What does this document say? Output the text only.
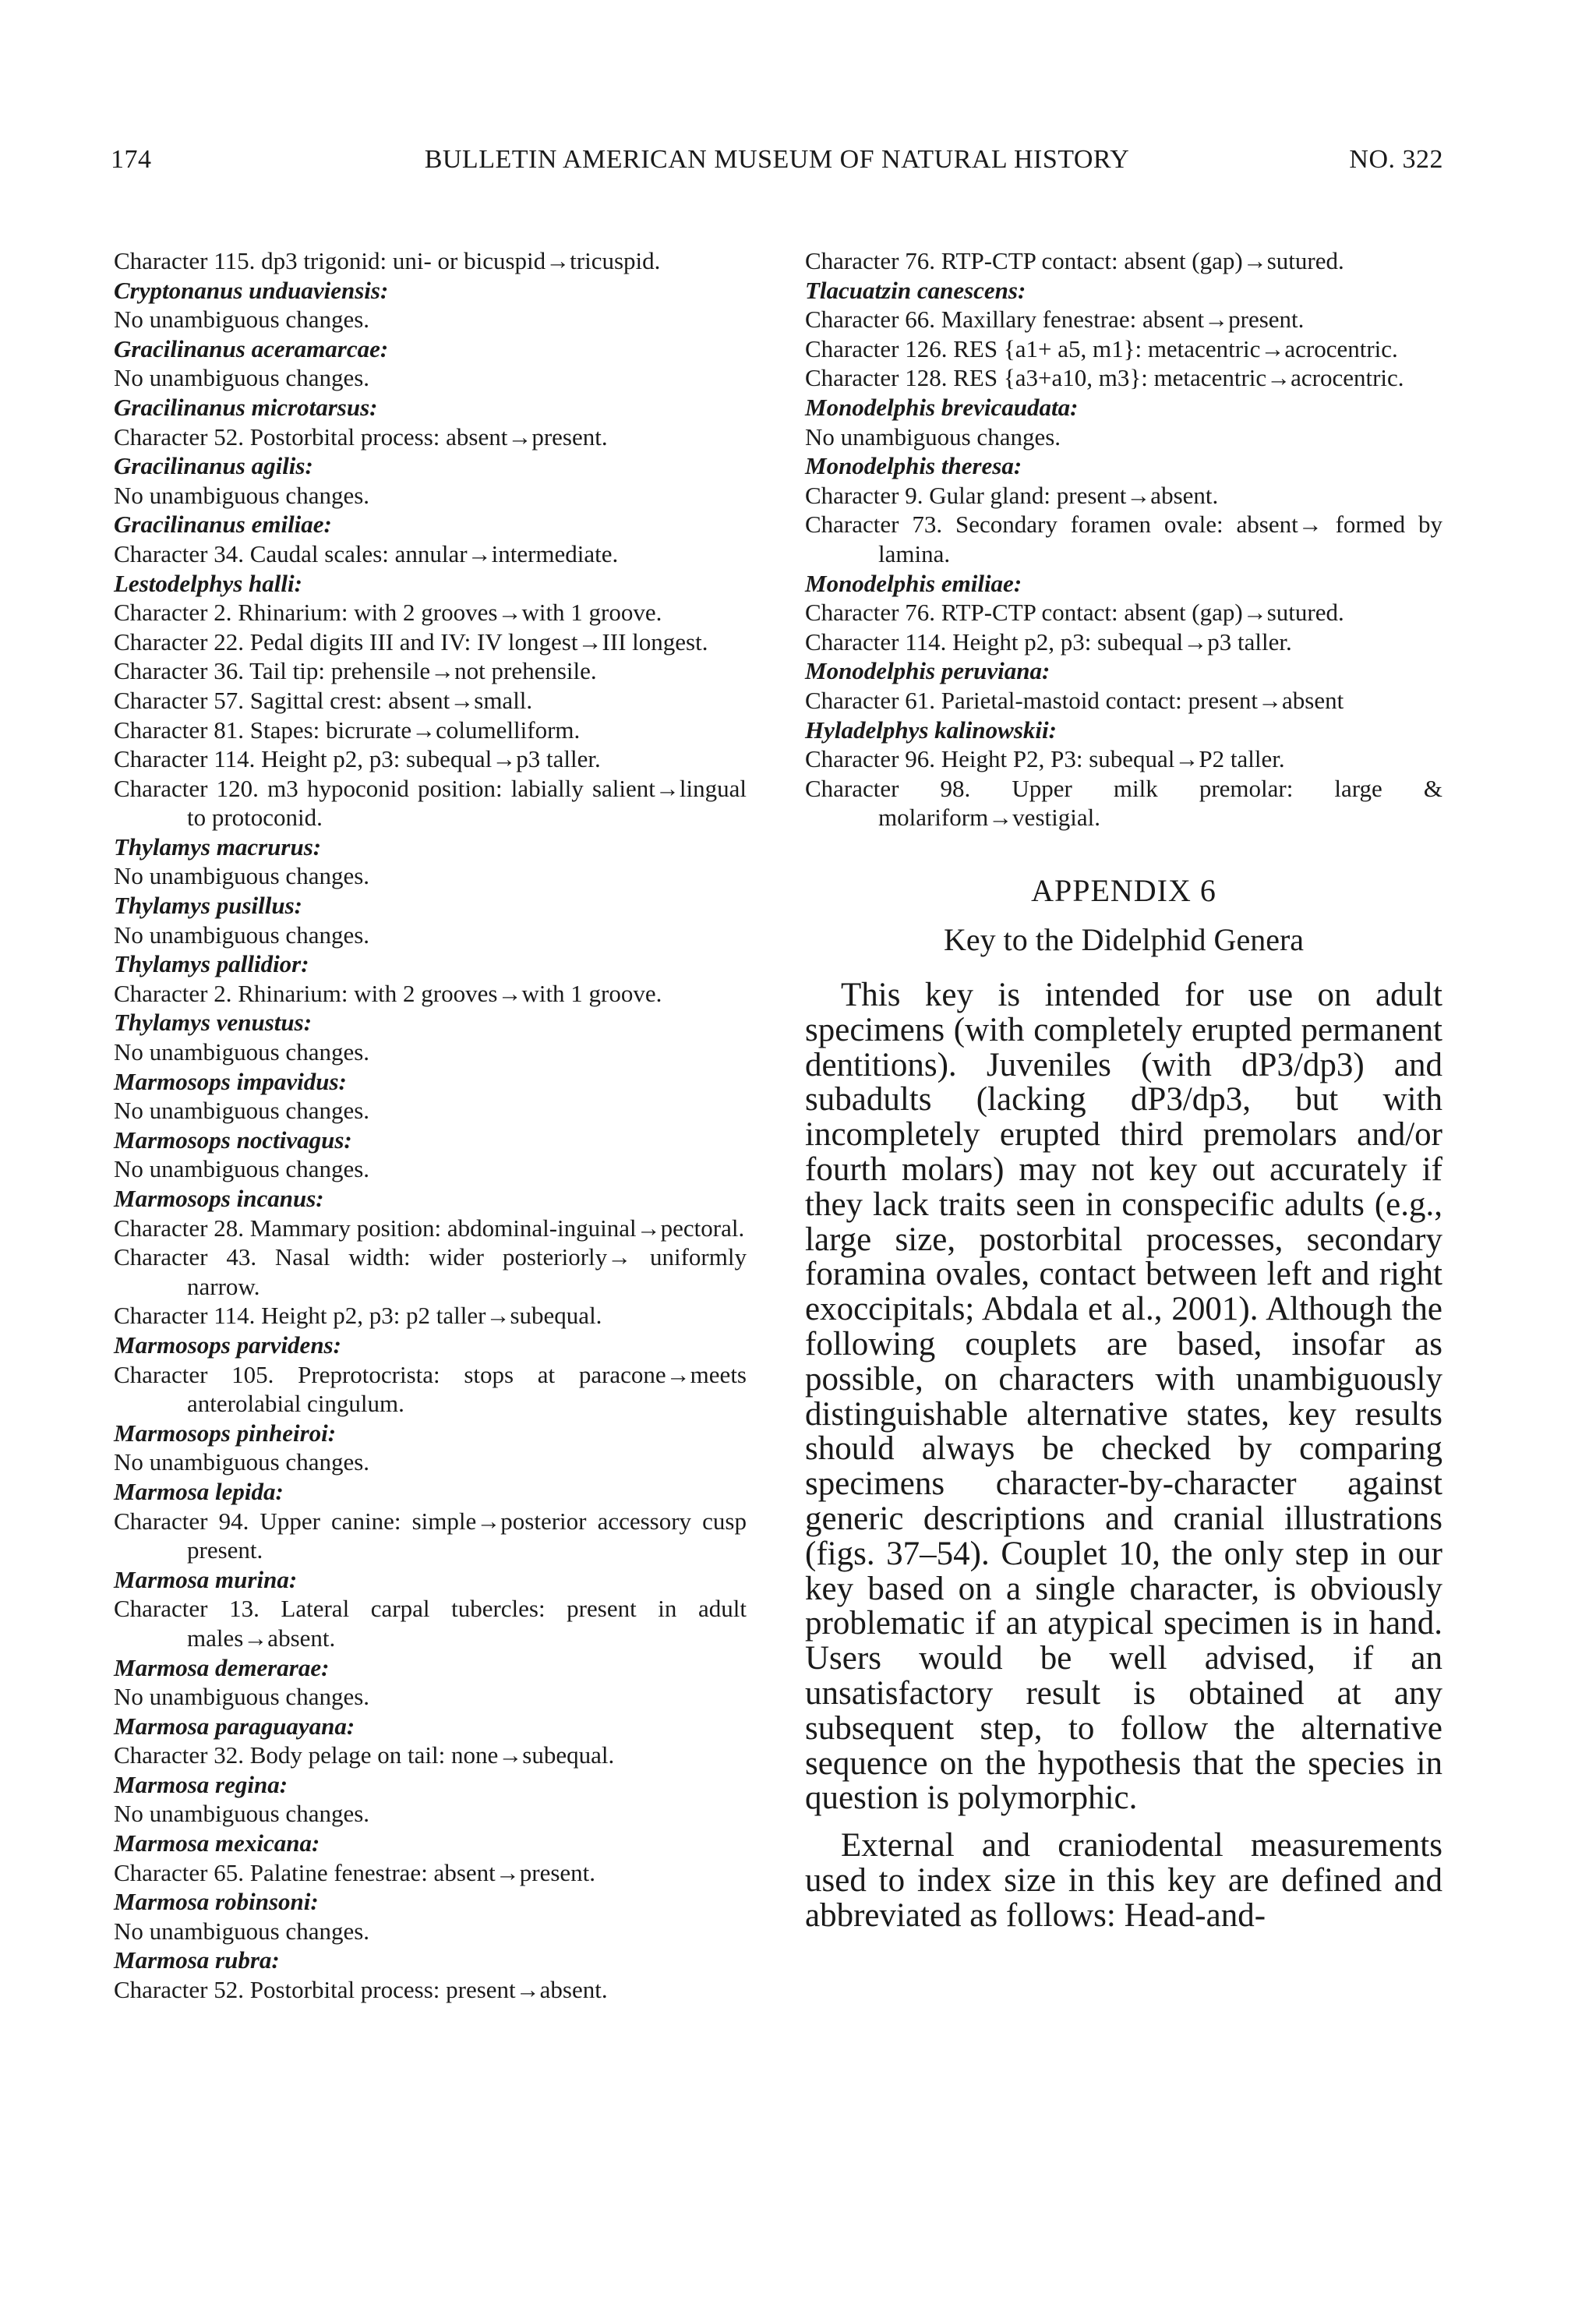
174	BULLETIN AMERICAN MUSEUM OF NATURAL HISTORY	NO. 322
Character 115. dp3 trigonid: uni- or bicuspid→tricuspid.
Cryptonanus unduaviensis:
No unambiguous changes.
Gracilinanus aceramarcae:
No unambiguous changes.
Gracilinanus microtarsus:
Character 52. Postorbital process: absent→present.
Gracilinanus agilis:
No unambiguous changes.
Gracilinanus emiliae:
Character 34. Caudal scales: annular→intermediate.
Lestodelphys halli:
Character 2. Rhinarium: with 2 grooves→with 1 groove.
Character 22. Pedal digits III and IV: IV longest→III longest.
Character 36. Tail tip: prehensile→not prehensile.
Character 57. Sagittal crest: absent→small.
Character 81. Stapes: bicrurate→columelliform.
Character 114. Height p2, p3: subequal→p3 taller.
Character 120. m3 hypoconid position: labially salient→lingual to protoconid.
Thylamys macrurus:
No unambiguous changes.
Thylamys pusillus:
No unambiguous changes.
Thylamys pallidior:
Character 2. Rhinarium: with 2 grooves→with 1 groove.
Thylamys venustus:
No unambiguous changes.
Marmosops impavidus:
No unambiguous changes.
Marmosops noctivagus:
No unambiguous changes.
Marmosops incanus:
Character 28. Mammary position: abdominal-inguinal→pectoral.
Character 43. Nasal width: wider posteriorly→ uniformly narrow.
Character 114. Height p2, p3: p2 taller→subequal.
Marmosops parvidens:
Character 105. Preprotocrista: stops at paracone→meets anterolabial cingulum.
Marmosops pinheiroi:
No unambiguous changes.
Marmosa lepida:
Character 94. Upper canine: simple→posterior accessory cusp present.
Marmosa murina:
Character 13. Lateral carpal tubercles: present in adult males→absent.
Marmosa demerarae:
No unambiguous changes.
Marmosa paraguayana:
Character 32. Body pelage on tail: none→subequal.
Marmosa regina:
No unambiguous changes.
Marmosa mexicana:
Character 65. Palatine fenestrae: absent→present.
Marmosa robinsoni:
No unambiguous changes.
Marmosa rubra:
Character 52. Postorbital process: present→absent.
Character 76. RTP-CTP contact: absent (gap)→sutured.
Tlacuatzin canescens:
Character 66. Maxillary fenestrae: absent→present.
Character 126. RES {a1+ a5, m1}: metacentric→acrocentric.
Character 128. RES {a3+a10, m3}: metacentric→acrocentric.
Monodelphis brevicaudata:
No unambiguous changes.
Monodelphis theresa:
Character 9. Gular gland: present→absent.
Character 73. Secondary foramen ovale: absent→ formed by lamina.
Monodelphis emiliae:
Character 76. RTP-CTP contact: absent (gap)→sutured.
Character 114. Height p2, p3: subequal→p3 taller.
Monodelphis peruviana:
Character 61. Parietal-mastoid contact: present→absent
Hyladelphys kalinowskii:
Character 96. Height P2, P3: subequal→P2 taller.
Character 98. Upper milk premolar: large & molariform→vestigial.
APPENDIX 6
Key to the Didelphid Genera

This key is intended for use on adult specimens (with completely erupted permanent dentitions). Juveniles (with dP3/dp3) and subadults (lacking dP3/dp3, but with incompletely erupted third premolars and/or fourth molars) may not key out accurately if they lack traits seen in conspecific adults (e.g., large size, postorbital processes, secondary foramina ovales, contact between left and right exoccipitals; Abdala et al., 2001). Although the following couplets are based, insofar as possible, on characters with unambiguously distinguishable alternative states, key results should always be checked by comparing specimens character-by-character against generic descriptions and cranial illustrations (figs. 37–54). Couplet 10, the only step in our key based on a single character, is obviously problematic if an atypical specimen is in hand. Users would be well advised, if an unsatisfactory result is obtained at any subsequent step, to follow the alternative sequence on the hypothesis that the species in question is polymorphic.

External and craniodental measurements used to index size in this key are defined and abbreviated as follows: Head-and-
